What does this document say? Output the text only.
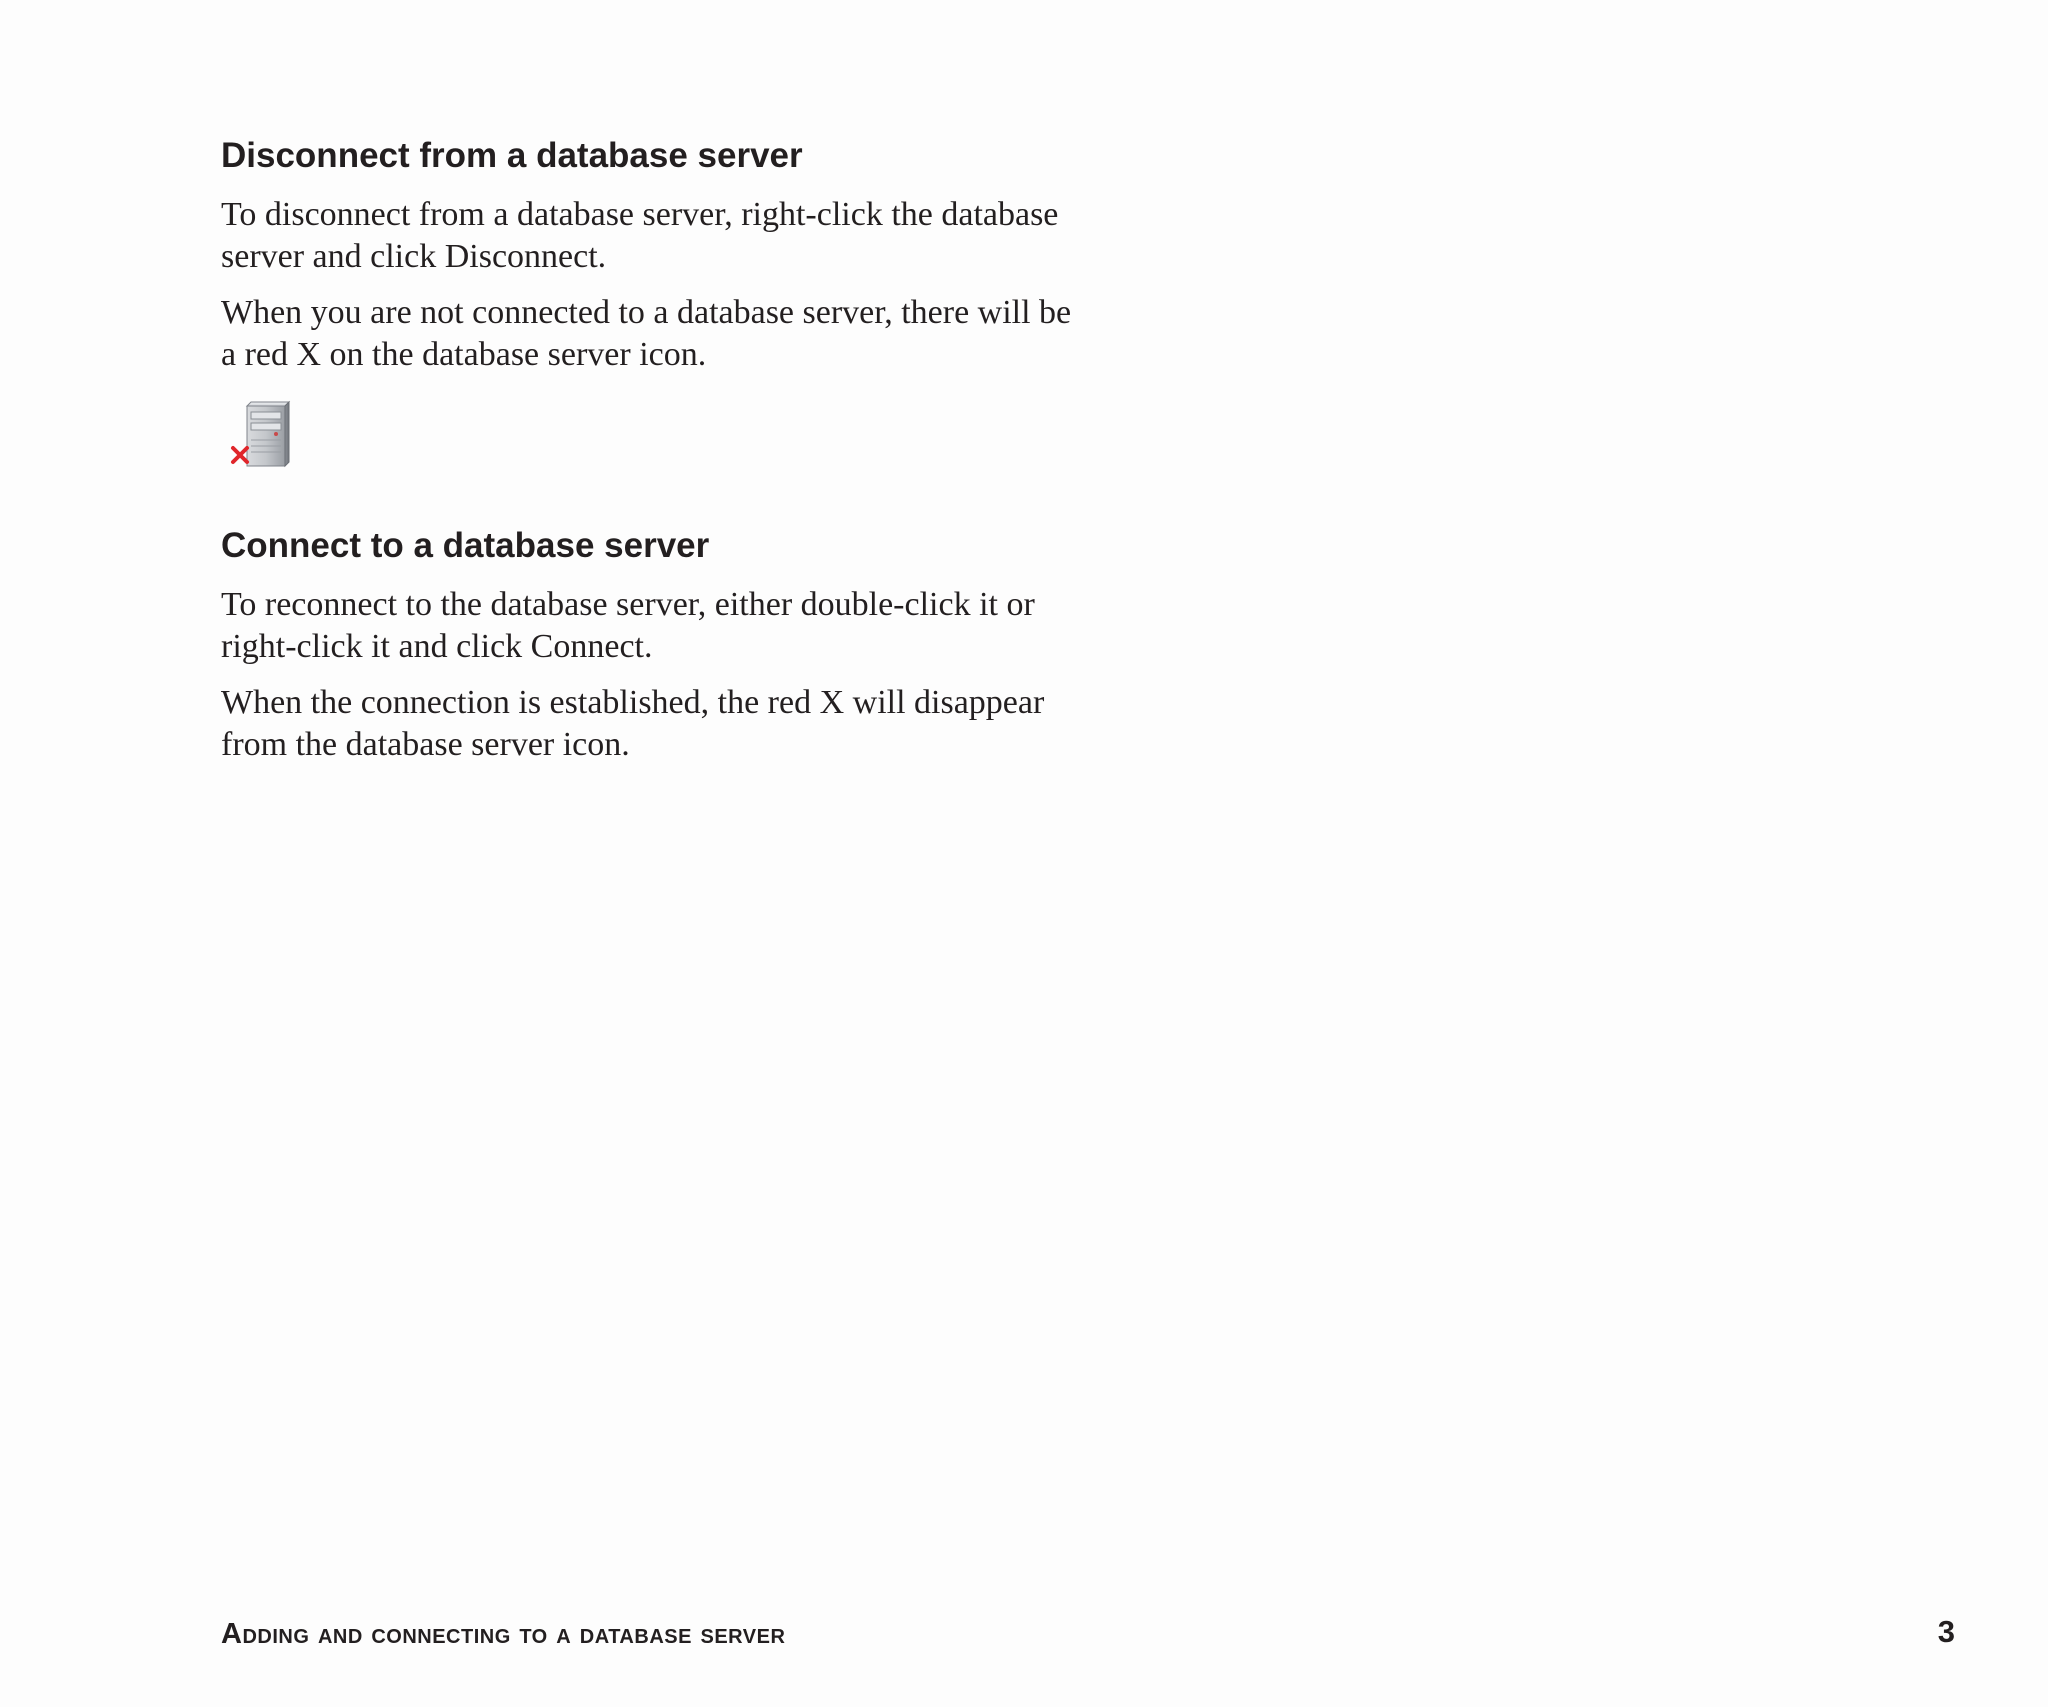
Disconnect from a database server

To disconnect from a database server, right-click the database server and click Disconnect.

When you are not connected to a database server, there will be a red X on the database server icon.

Connect to a database server

To reconnect to the database server, either double-click it or right-click it and click Connect.

When the connection is established, the red X will disappear from the database server icon.

Adding and connecting to a database server	3
